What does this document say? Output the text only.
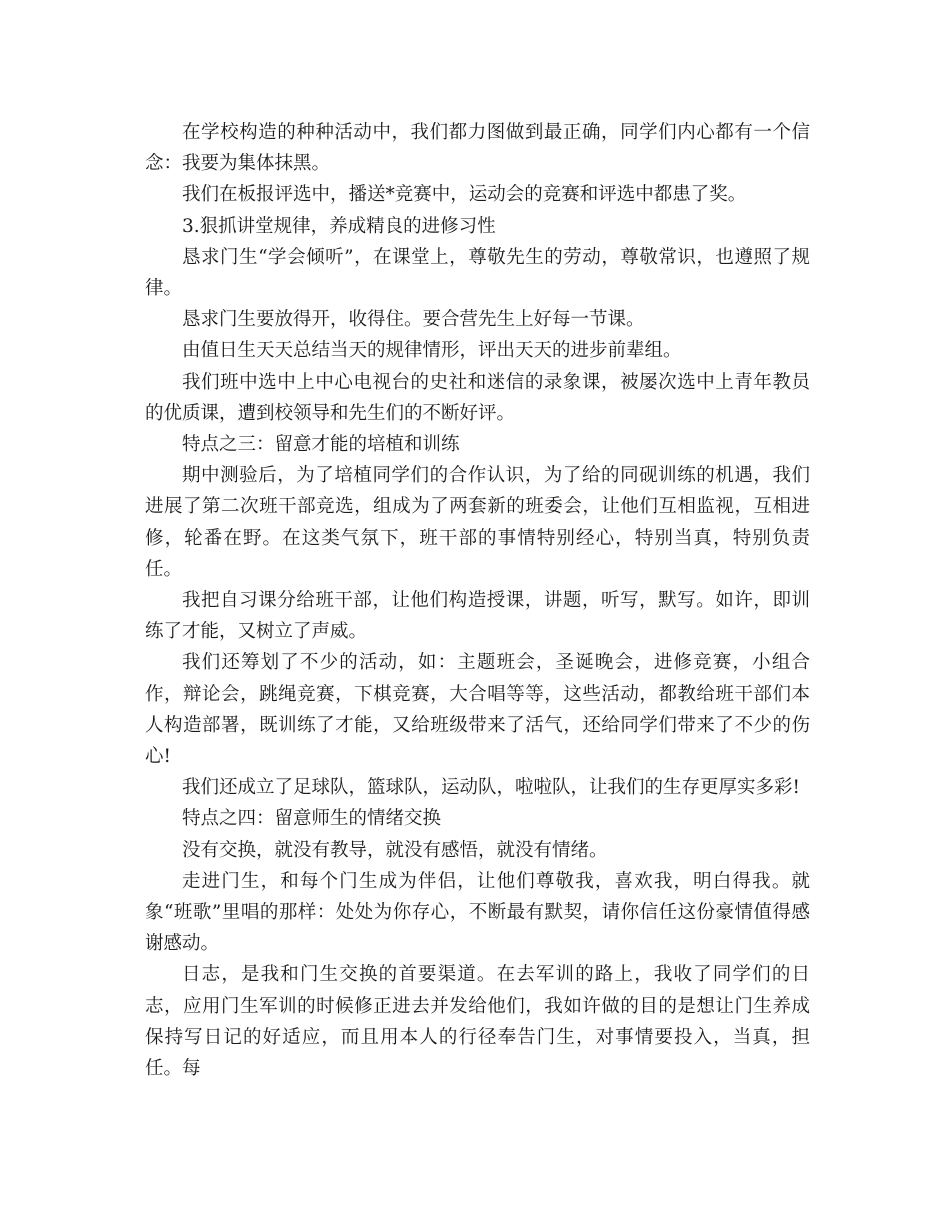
在学校构造的种种活动中，我们都力图做到最正确，同学们内心都有一个信念：我要为集体抹黑。

我们在板报评选中，播送*竞赛中，运动会的竞赛和评选中都患了奖。

3.狠抓讲堂规律，养成精良的进修习性

恳求门生“学会倾听”，在课堂上，尊敬先生的劳动，尊敬常识，也遵照了规律。

恳求门生要放得开，收得住。要合营先生上好每一节课。

由值日生天天总结当天的规律情形，评出天天的进步前辈组。

我们班中选中上中心电视台的史社和迷信的录象课，被屡次选中上青年教员的优质课，遭到校领导和先生们的不断好评。

特点之三：留意才能的培植和训练

期中测验后，为了培植同学们的合作认识，为了给的同砚训练的机遇，我们进展了第二次班干部竞选，组成为了两套新的班委会，让他们互相监视，互相进修，轮番在野。在这类气氛下，班干部的事情特别经心，特别当真，特别负责任。

我把自习课分给班干部，让他们构造授课，讲题，听写，默写。如许，即训练了才能，又树立了声威。

我们还筹划了不少的活动，如：主题班会，圣诞晚会，进修竞赛，小组合作，辩论会，跳绳竞赛，下棋竞赛，大合唱等等，这些活动，都教给班干部们本人构造部署，既训练了才能，又给班级带来了活气，还给同学们带来了不少的伤心!

我们还成立了足球队，篮球队，运动队，啦啦队，让我们的生存更厚实多彩!

特点之四：留意师生的情绪交换

没有交换，就没有教导，就没有感悟，就没有情绪。

走进门生，和每个门生成为伴侣，让他们尊敬我，喜欢我，明白得我。就象“班歌”里唱的那样：处处为你存心，不断最有默契，请你信任这份豪情值得感谢感动。

日志，是我和门生交换的首要渠道。在去军训的路上，我收了同学们的日志，应用门生军训的时候修正进去并发给他们，我如许做的目的是想让门生养成保持写日记的好适应，而且用本人的行径奉告门生，对事情要投入，当真，担任。每
